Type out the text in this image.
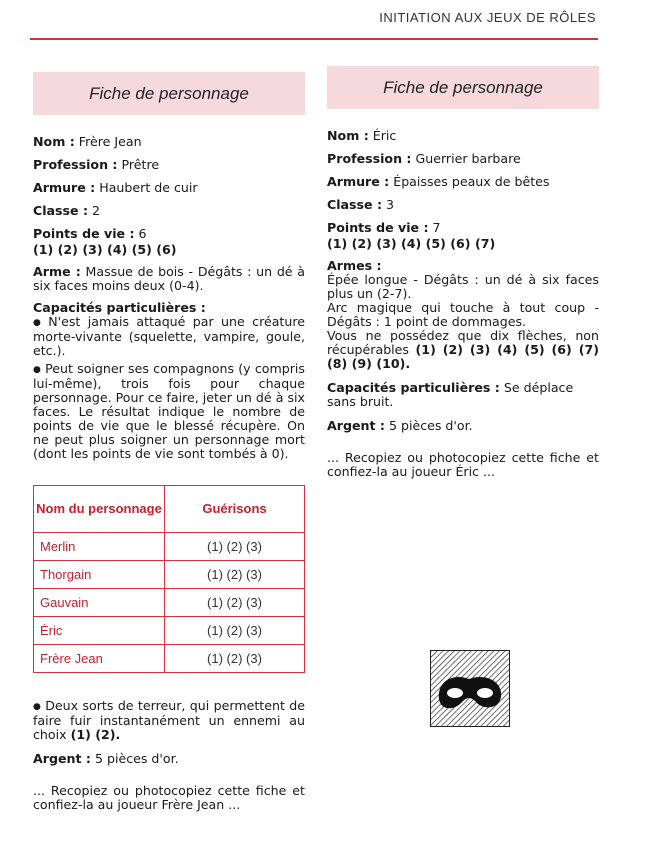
INITIATION AUX JEUX DE RÔLES
Fiche de personnage

Nom : Frère Jean

Profession : Prêtre

Armure : Haubert de cuir

Classe : 2

Points de vie : 6

(1) (2) (3) (4) (5) (6)

Arme : Massue de bois - Dégâts : un dé à six faces moins deux (0-4).

Capacités particulières :

● N'est jamais attaqué par une créature morte-vivante (squelette, vampire, goule, etc.).

● Peut soigner ses compagnons (y compris lui-même), trois fois pour chaque personnage. Pour ce faire, jeter un dé à six faces. Le résultat indique le nombre de points de vie que le blessé récupère. On ne peut plus soigner un personnage mort (dont les points de vie sont tombés à 0).

Nom du personnage	Guérisons
Merlin	(1) (2) (3)
Thorgain	(1) (2) (3)
Gauvain	(1) (2) (3)
Éric	(1) (2) (3)
Frère Jean	(1) (2) (3)

● Deux sorts de terreur, qui permettent de faire fuir instantanément un ennemi au choix (1) (2).

Argent : 5 pièces d'or.

... Recopiez ou photocopiez cette fiche et confiez-la au joueur Frère Jean ...

Fiche de personnage

Nom : Éric

Profession : Guerrier barbare

Armure : Épaisses peaux de bêtes

Classe : 3

Points de vie : 7

(1) (2) (3) (4) (5) (6) (7)

Armes :

Épée longue - Dégâts : un dé à six faces plus un (2-7).

Arc magique qui touche à tout coup - Dégâts : 1 point de dommages.

Vous ne possédez que dix flèches, non récupérables (1) (2) (3) (4) (5) (6) (7) (8) (9) (10).

Capacités particulières : Se déplace sans bruit.

Argent : 5 pièces d'or.

... Recopiez ou photocopiez cette fiche et confiez-la au joueur Éric ...
